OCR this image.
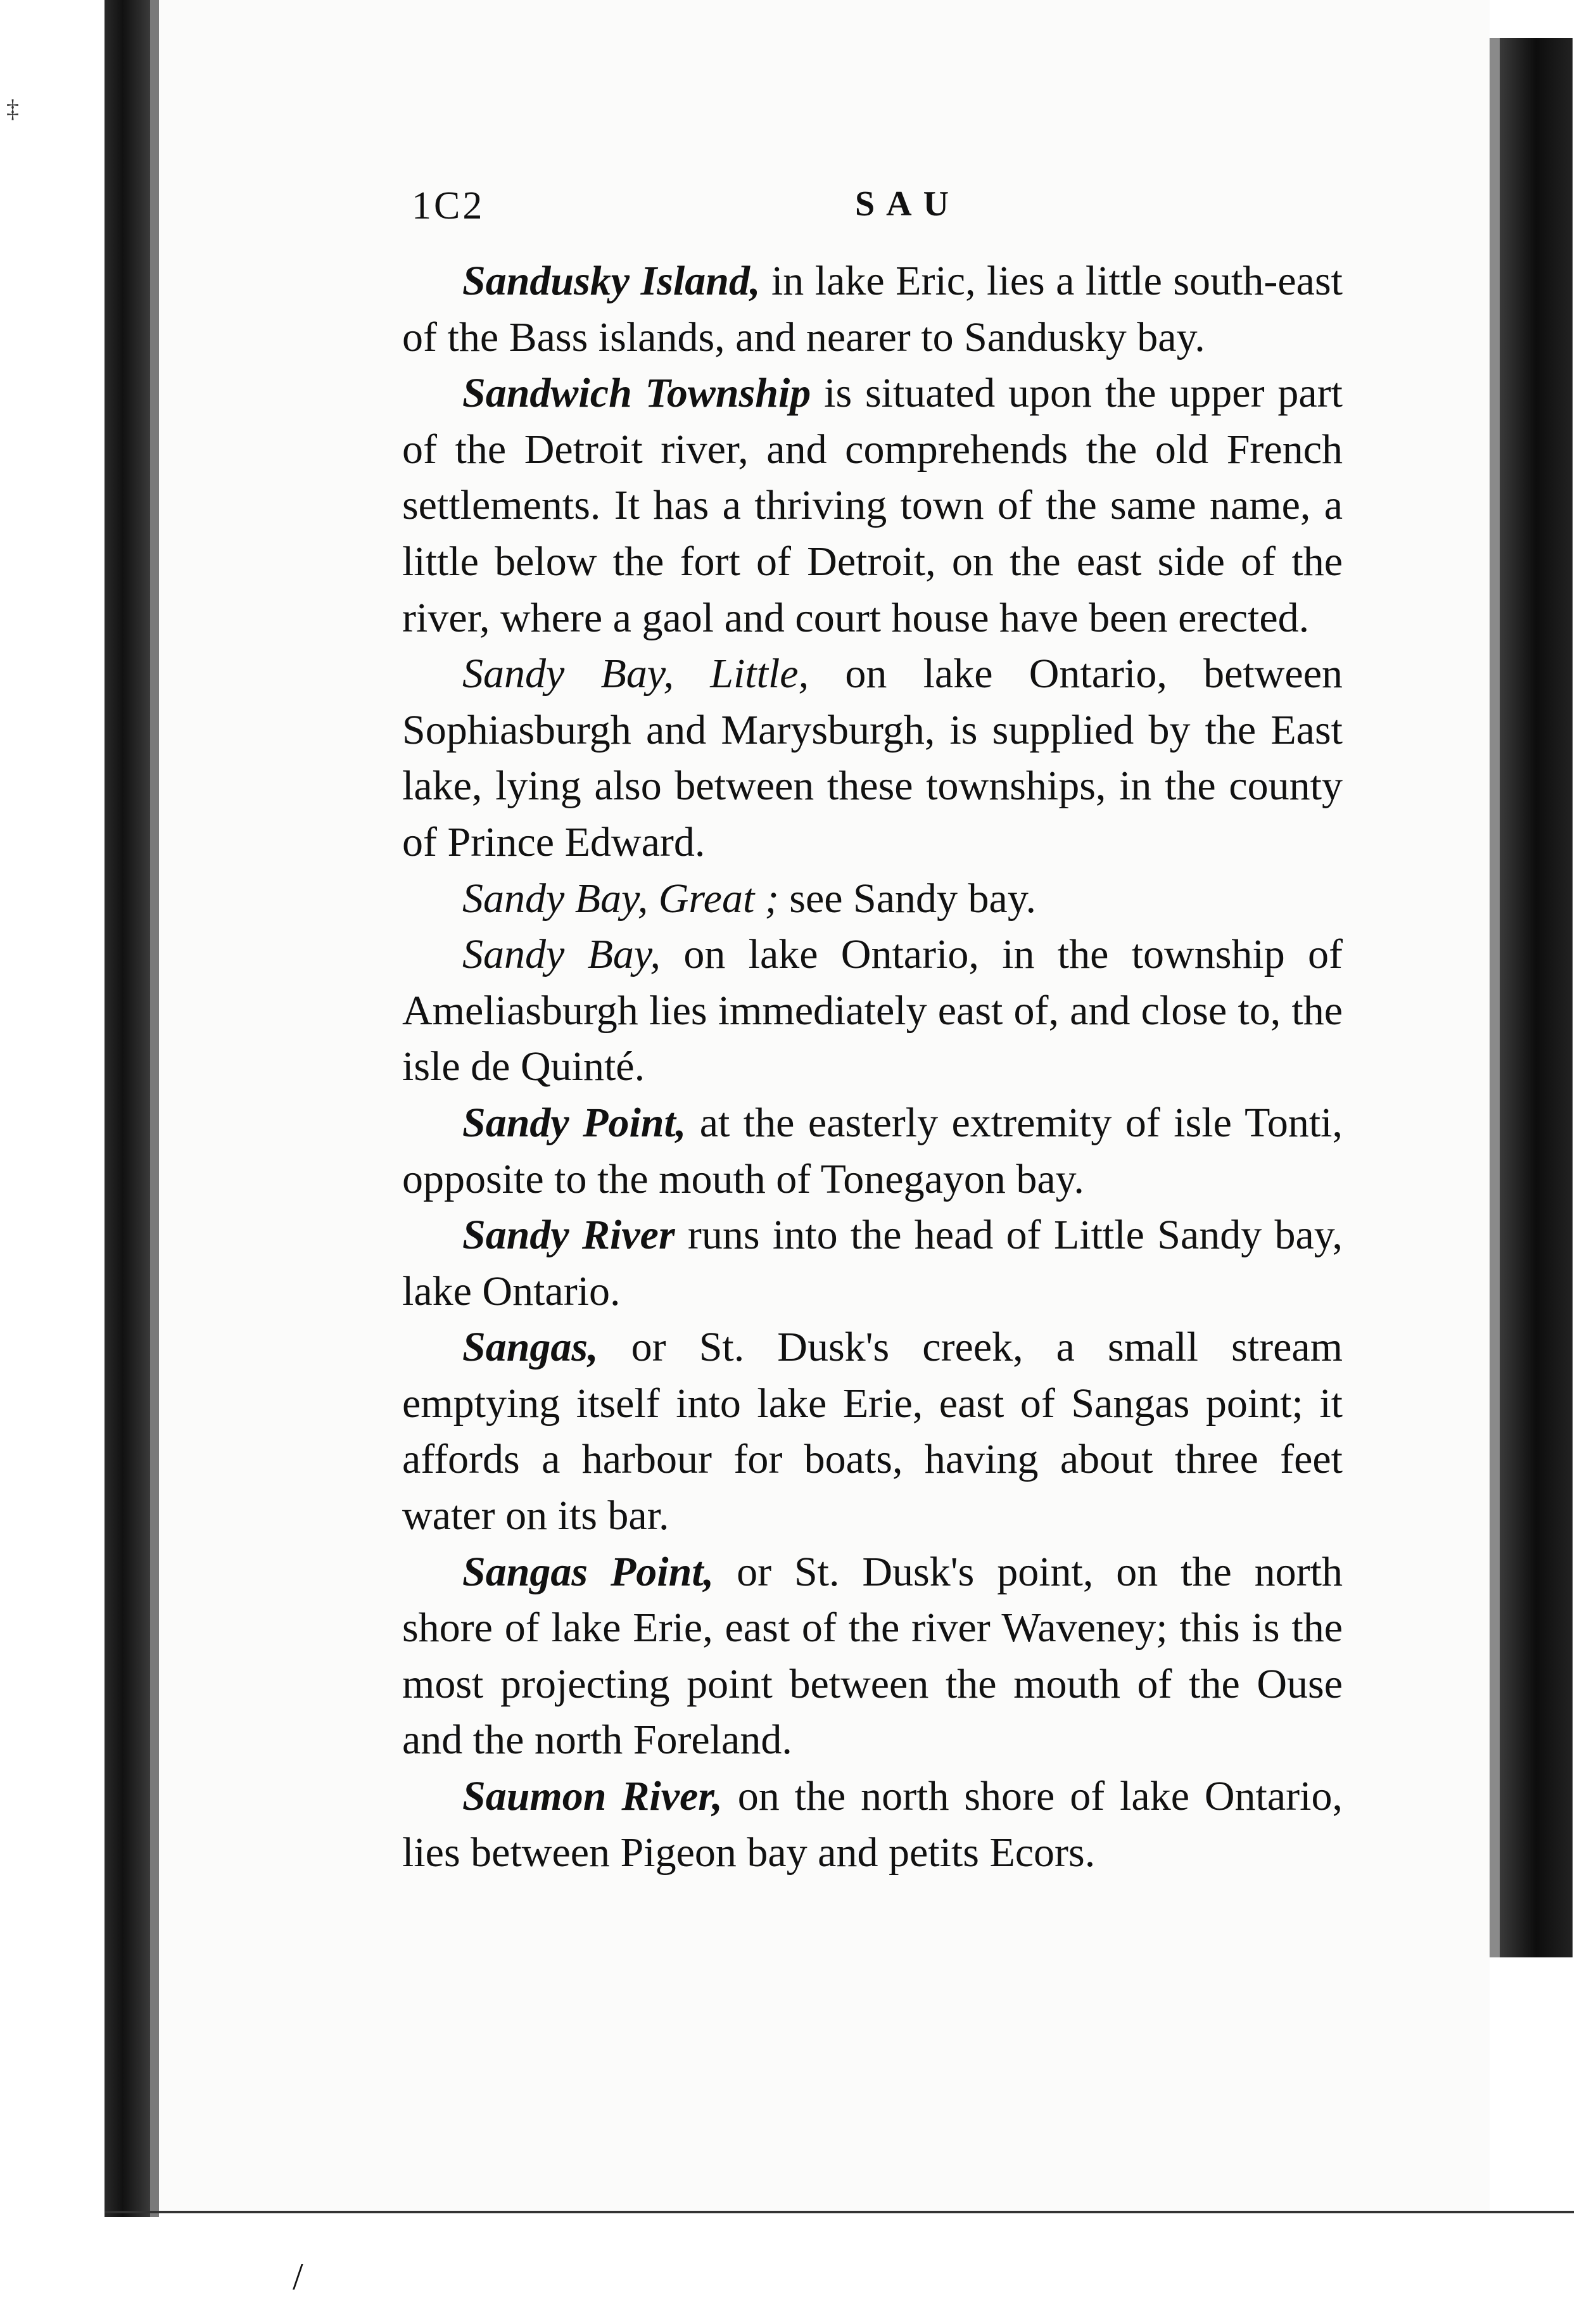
‡
/
1C2	SAU

Sandusky Island, in lake Eric, lies a little south-east of the Bass islands, and nearer to Sandusky bay.

Sandwich Township is situated upon the upper part of the Detroit river, and comprehends the old French settlements. It has a thriving town of the same name, a little below the fort of Detroit, on the east side of the river, where a gaol and court house have been erected.

Sandy Bay, Little, on lake Ontario, between Sophiasburgh and Marysburgh, is supplied by the East lake, lying also between these townships, in the county of Prince Edward.

Sandy Bay, Great ; see Sandy bay.

Sandy Bay, on lake Ontario, in the township of Ameliasburgh lies immediately east of, and close to, the isle de Quinté.

Sandy Point, at the easterly extremity of isle Tonti, opposite to the mouth of Tonegayon bay.

Sandy River runs into the head of Little Sandy bay, lake Ontario.

Sangas, or St. Dusk's creek, a small stream emptying itself into lake Erie, east of Sangas point; it affords a harbour for boats, having about three feet water on its bar.

Sangas Point, or St. Dusk's point, on the north shore of lake Erie, east of the river Waveney; this is the most projecting point between the mouth of the Ouse and the north Foreland.

Saumon River, on the north shore of lake Ontario, lies between Pigeon bay and petits Ecors.
